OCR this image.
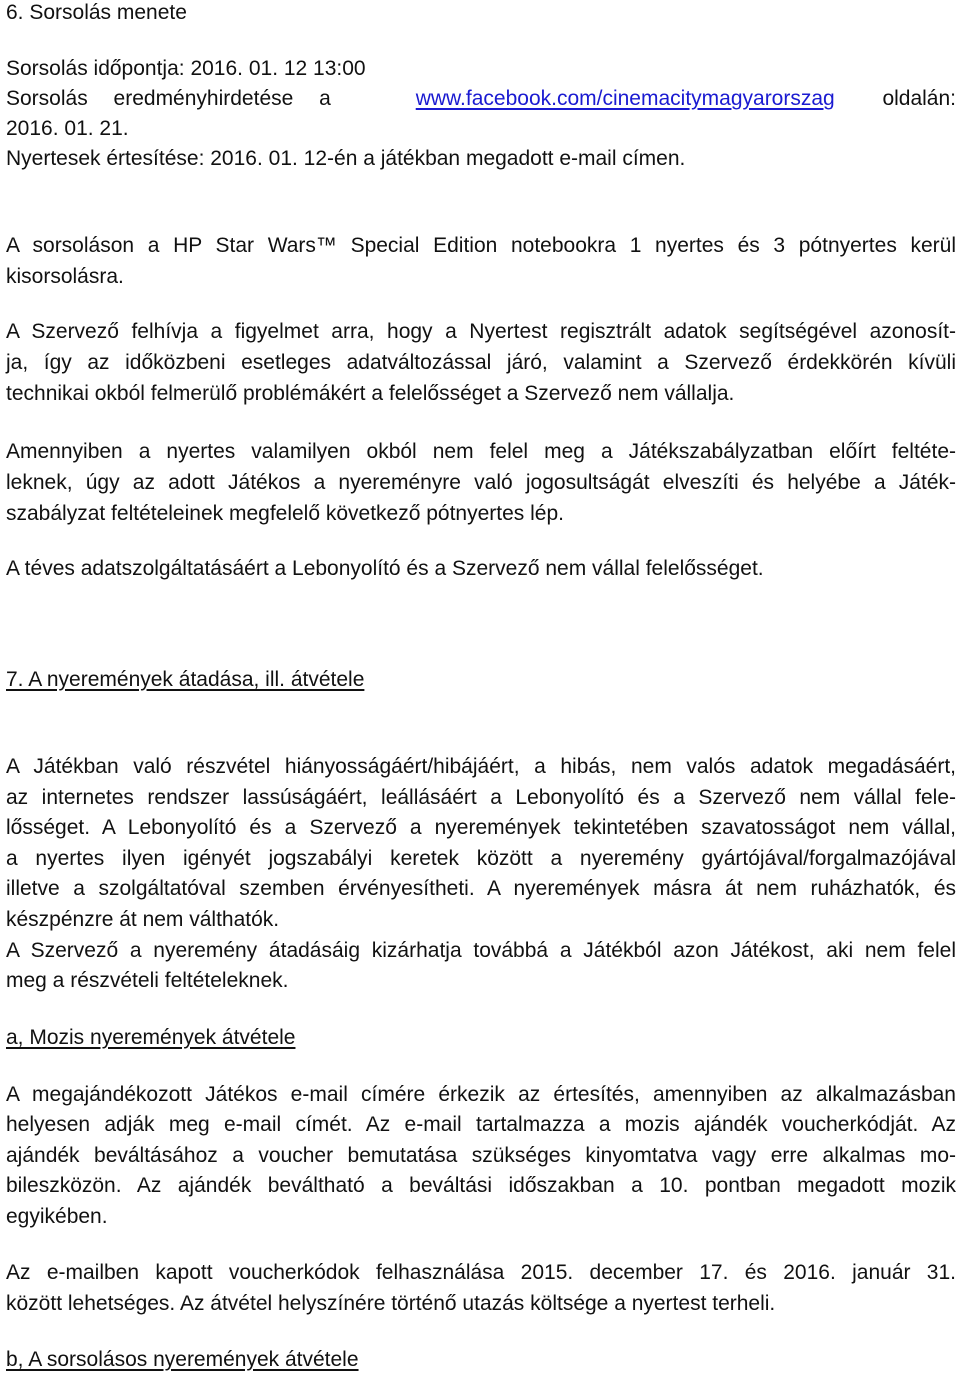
6. Sorsolás menete
Sorsolás időpontja: 2016. 01. 12 13:00
Sorsolás eredményhirdetése a	www.facebook.com/cinemacitymagyarorszag oldalán:
2016. 01. 21.
Nyertesek értesítése: 2016. 01. 12-én a játékban megadott e-mail címen.
A sorsoláson a HP Star Wars™ Special Edition notebookra 1 nyertes és 3 pótnyertes kerül
kisorsolásra.
A Szervező felhívja a figyelmet arra, hogy a Nyertest regisztrált adatok segítségével azonosít-
ja, így az időközbeni esetleges adatváltozással járó, valamint a Szervező érdekkörén kívüli
technikai okból felmerülő problémákért a felelősséget a Szervező nem vállalja.
Amennyiben a nyertes valamilyen okból nem felel meg a Játékszabályzatban előírt feltéte-
leknek, úgy az adott Játékos a nyereményre való jogosultságát elveszíti és helyébe a Játék-
szabályzat feltételeinek megfelelő következő pótnyertes lép.
A téves adatszolgáltatásáért a Lebonyolító és a Szervező nem vállal felelősséget.
7. A nyeremények átadása, ill. átvétele
A Játékban való részvétel hiányosságáért/hibájáért, a hibás, nem valós adatok megadásáért,
az internetes rendszer lassúságáért, leállásáért a Lebonyolító és a Szervező nem vállal fele-
lősséget. A Lebonyolító és a Szervező a nyeremények tekintetében szavatosságot nem vállal,
a nyertes ilyen igényét jogszabályi keretek között a nyeremény gyártójával/forgalmazójával
illetve a szolgáltatóval szemben érvényesítheti. A nyeremények másra át nem ruházhatók, és
készpénzre át nem válthatók.
A Szervező a nyeremény átadásáig kizárhatja továbbá a Játékból azon Játékost, aki nem felel
meg a részvételi feltételeknek.
a, Mozis nyeremények átvétele
A megajándékozott Játékos e-mail címére érkezik az értesítés, amennyiben az alkalmazásban
helyesen adják meg e-mail címét. Az e-mail tartalmazza a mozis ajándék voucherkódját. Az
ajándék beváltásához a voucher bemutatása szükséges kinyomtatva vagy erre alkalmas mo-
bileszközön. Az ajándék beváltható a beváltási időszakban a 10. pontban megadott mozik
egyikében.
Az e-mailben kapott voucherkódok felhasználása 2015. december 17. és 2016. január 31.
között lehetséges. Az átvétel helyszínére történő utazás költsége a nyertest terheli.
b, A sorsolásos nyeremények átvétele
